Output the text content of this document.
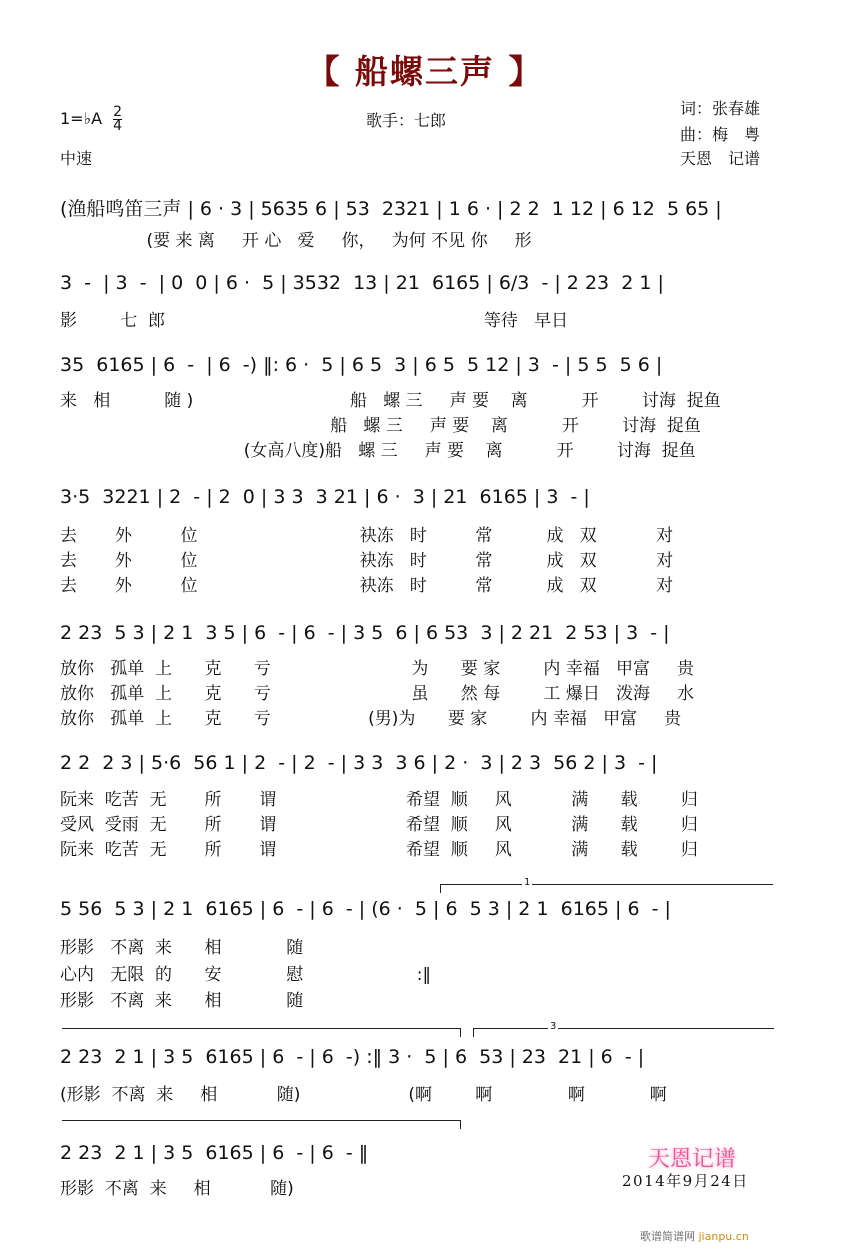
【 船螺三声 】
1=♭A $\frac{2}{4}$
中速
歌手：七郎
词：张春雄
曲：梅　粤
天恩　记谱
(渔船鸣笛三声 | 6 · 3 | 5635 6 | 53  2321 | 1 6 · | 2 2  1 12 | 6 12  5 65 |
(要 来 离     开 心   爱     你，   为何 不见 你     形
3  -  | 3  -  | 0  0 | 6 ·  5 | 3532  13 | 21  6165 | 6/3  - | 2 23  2 1 |
影        七  郎                                                           等待   早日
35  6165 | 6  -  | 6  -) ‖: 6 ·  5 | 6 5  3 | 6 5  5 12 | 3  - | 5 5  5 6 |
来   相          随 )                             船   螺 三     声 要    离          开        讨海  捉鱼
船   螺 三     声 要    离          开        讨海  捉鱼
(女高八度)船   螺 三     声 要    离          开        讨海  捉鱼
3·5  3221 | 2  - | 2  0 | 3 3  3 21 | 6 ·  3 | 21  6165 | 3  - |
去       外         位                              袂冻   时         常          成   双           对
去       外         位                              袂冻   时         常          成   双           对
去       外         位                              袂冻   时         常          成   双           对
2 23  5 3 | 2 1  3 5 | 6  - | 6  - | 3 5  6 | 6 53  3 | 2 21  2 53 | 3  - |
放你   孤单  上      克      亏                          为      要 家        内 幸福   甲富     贵
放你   孤单  上      克      亏                          虽      然 每        工 爆日   泼海     水
放你   孤单  上      克      亏                  (男)为      要 家        内 幸福   甲富     贵
2 2  2 3 | 5·6  56 1 | 2  - | 2  - | 3 3  3 6 | 2 ·  3 | 2 3  56 2 | 3  - |
阮来  吃苦  无       所       谓                        希望  顺     风           满      载        归
受风  受雨  无       所       谓                        希望  顺     风           满      载        归
阮来  吃苦  无       所       谓                        希望  顺     风           满      载        归
1
5 56  5 3 | 2 1  6165 | 6  - | 6  - | (6 ·  5 | 6  5 3 | 2 1  6165 | 6  - |
形影   不离  来      相            随
心内   无限  的      安            慰                     :‖
形影   不离  来      相            随
3
2 23  2 1 | 3 5  6165 | 6  - | 6  -) :‖ 3 ·  5 | 6  53 | 23  21 | 6  - |
(形影  不离  来     相           随)                    (啊        啊              啊            啊
2 23  2 1 | 3 5  6165 | 6  - | 6  - ‖
形影  不离  来     相           随)
天恩记谱
2014年9月24日
歌谱简谱网 jianpu.cn
